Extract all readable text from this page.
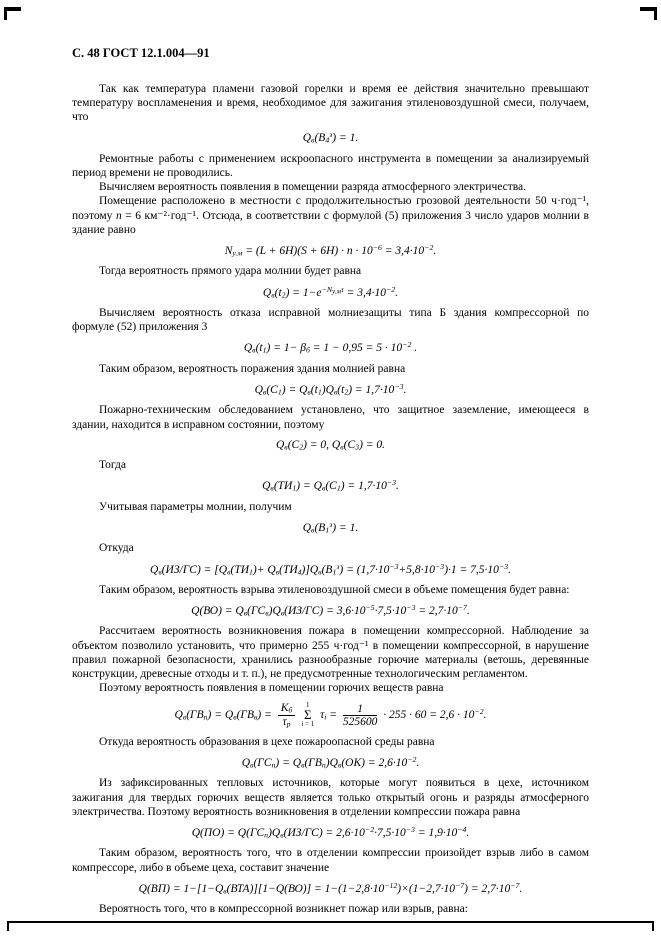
С. 48 ГОСТ 12.1.004—91

Так как температура пламени газовой горелки и время ее действия значительно превышают температуру воспламенения и время, необходимое для зажигания этиленовоздушной смеси, получаем, что

$Q_в(В_4^з) = 1$.

Ремонтные работы с применением искроопасного инструмента в помещении за анализируемый период времени не проводились.

Вычисляем вероятность появления в помещении разряда атмосферного электричества.

Помещение расположено в местности с продолжительностью грозовой деятельности 50 ч·год⁻¹, поэтому n = 6 км⁻²·год⁻¹. Отсюда, в соответствии с формулой (5) приложения 3 число ударов молнии в здание равно

$N_{у.м} = (L + 6H)(S + 6H) \cdot n \cdot 10^{-6} = 3,4\cdot 10^{-2}$.

Тогда вероятность прямого удара молнии будет равна

$Q_в(t_2) = 1-e^{-N_{у.м}\tau} = 3,4\cdot 10^{-2}$.

Вычисляем вероятность отказа исправной молниезащиты типа Б здания компрессорной по формуле (52) приложения 3

$Q_в(t_1) = 1- \beta_б = 1 - 0,95 = 5 \cdot 10^{-2}$ .

Таким образом, вероятность поражения здания молнией равна

$Q_в(С_1) = Q_в(t_1)Q_в(t_2) = 1,7\cdot 10^{-3}$.

Пожарно-техническим обследованием установлено, что защитное заземление, имеющееся в здании, находится в исправном состоянии, поэтому

$Q_в(С_2) = 0$, $Q_в(С_3) = 0$.

Тогда

$Q_в(ТИ_1) = Q_в(С_1) = 1,7\cdot 10^{-3}$.

Учитывая параметры молнии, получим

$Q_в(В_1^з) = 1$.

Откуда

$Q_в(ИЗ/ГС) = [Q_в(ТИ_1)+ Q_в(ТИ_4)]Q_в(В_1^з) = (1,7\cdot 10^{-3}+5,8\cdot 10^{-3})\cdot 1 = 7,5\cdot 10^{-3}$.

Таким образом, вероятность взрыва этиленовоздушной смеси в объеме помещения будет равна:

$Q(ВО) = Q_в(ГС_в)Q_в(ИЗ/ГС) = 3,6\cdot 10^{-5}\cdot 7,5\cdot 10^{-3} = 2,7\cdot 10^{-7}$.

Рассчитаем вероятность возникновения пожара в помещении компрессорной. Наблюдение за объектом позволило установить, что примерно 255 ч·год⁻¹ в помещении компрессорной, в нарушение правил пожарной безопасности, хранились разнообразные горючие материалы (ветошь, деревянные конструкции, древесные отходы и т. п.), не предусмотренные технологическим регламентом.

Поэтому вероятность появления в помещении горючих веществ равна

$Q_в(ГВ_п) = Q_в(ГВ_в) = \frac{К_б}{\tau_р}$	1
Σ
i = 1
$\tau_i = \frac{1}{525600} \cdot 255 \cdot 60 = 2,6 \cdot 10^{-2}$.

Откуда вероятность образования в цехе пожароопасной среды равна

$Q_в(ГС_п) = Q_в(ГВ_п)Q_в(ОК) = 2,6\cdot 10^{-2}$.

Из зафиксированных тепловых источников, которые могут появиться в цехе, источником зажигания для твердых горючих веществ является только открытый огонь и разряды атмосферного электричества. Поэтому вероятность возникновения в отделении компрессии пожара равна

$Q(ПО) = Q(ГС_п)Q_в(ИЗ/ГС) = 2,6\cdot 10^{-2}\cdot 7,5\cdot 10^{-3} = 1,9\cdot 10^{-4}$.

Таким образом, вероятность того, что в отделении компрессии произойдет взрыв либо в самом компрессоре, либо в объеме цеха, составит значение

$Q(ВП) = 1-[1-Q_в(ВТА)][1-Q(ВО)] = 1-(1-2,8\cdot 10^{-12})\times(1-2,7\cdot 10^{-7}) = 2,7\cdot 10^{-7}$.

Вероятность того, что в компрессорной возникнет пожар или взрыв, равна:
